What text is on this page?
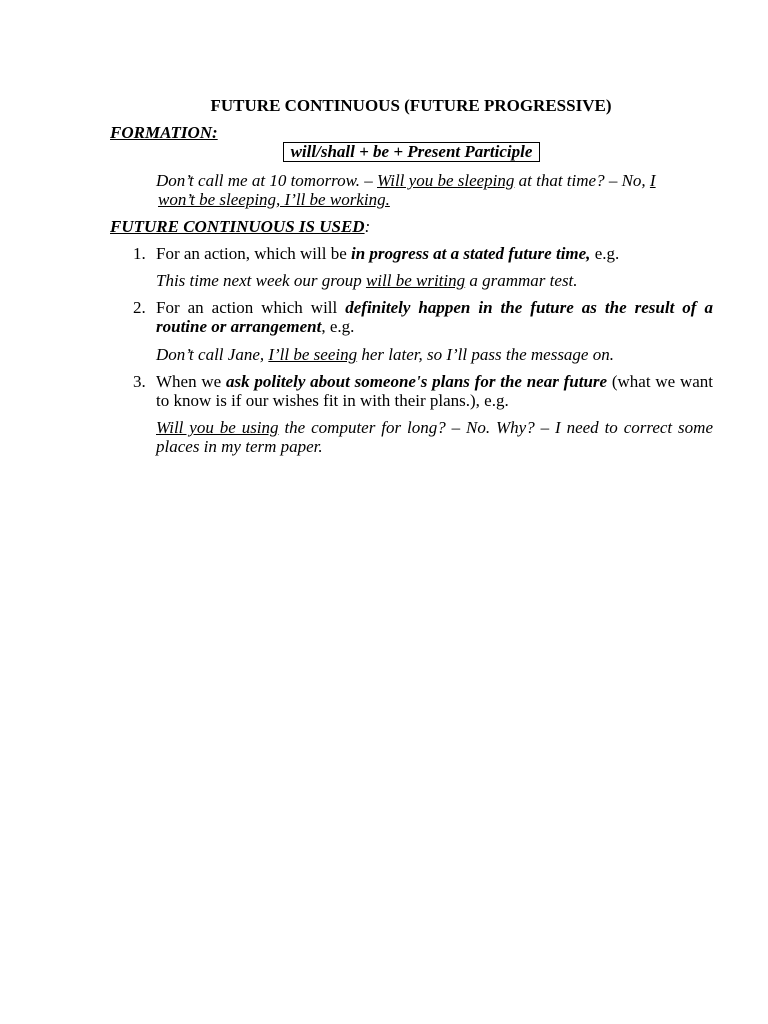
FUTURE CONTINUOUS (FUTURE PROGRESSIVE)
FORMATION:
will/shall + be + Present Participle
Don’t call me at 10 tomorrow. – Will you be sleeping at that time? – No, I
won’t be sleeping, I’ll be working.
FUTURE CONTINUOUS IS USED:
1. For an action, which will be in progress at a stated future time, e.g.
This time next week our group will be writing a grammar test.
2. For an action which will definitely happen in the future as the result of a routine or arrangement, e.g.
Don’t call Jane, I’ll be seeing her later, so I’ll pass the message on.
3. When we ask politely about someone's plans for the near future (what we want to know is if our wishes fit in with their plans.), e.g.
Will you be using the computer for long? – No. Why? – I need to correct some places in my term paper.
